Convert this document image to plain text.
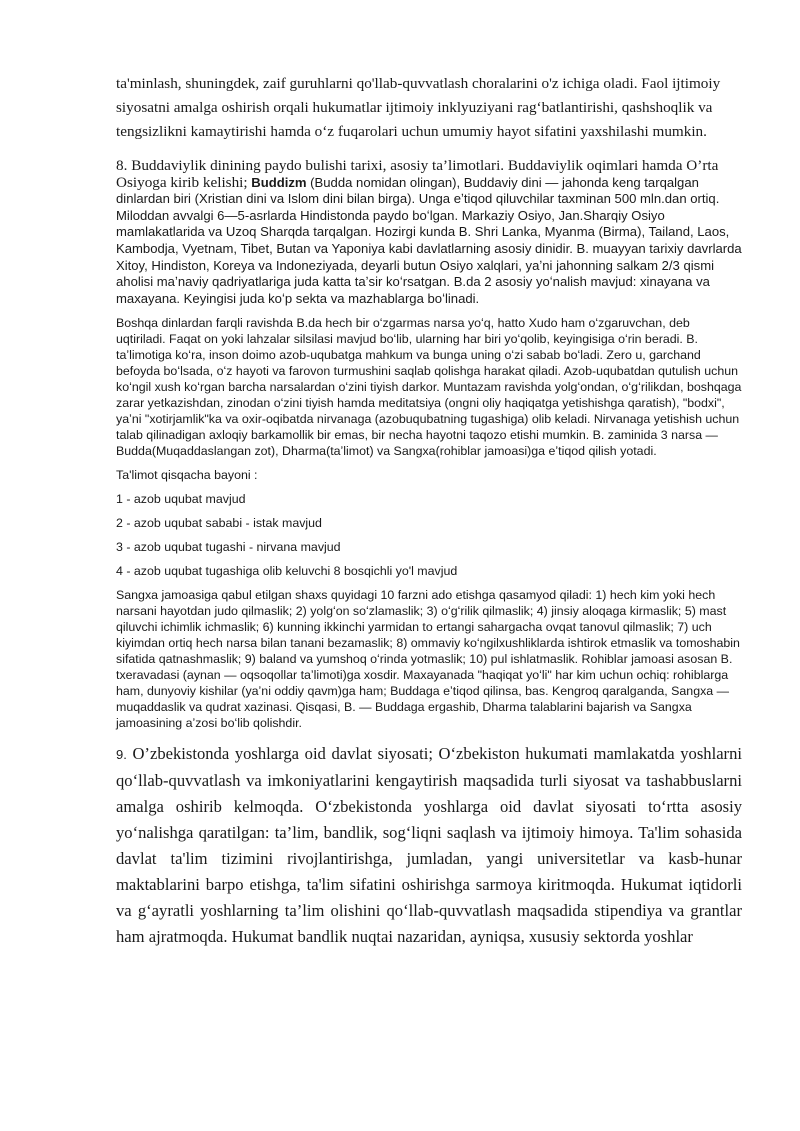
ta'minlash, shuningdek, zaif guruhlarni qo'llab-quvvatlash choralarini o'z ichiga oladi. Faol ijtimoiy siyosatni amalga oshirish orqali hukumatlar ijtimoiy inklyuziyani rag‘batlantirishi, qashshoqlik va tengsizlikni kamaytirishi hamda o‘z fuqarolari uchun umumiy hayot sifatini yaxshilashi mumkin.

8. Buddaviylik dinining paydo bulishi tarixi, asosiy ta’limotlari. Buddaviylik oqimlari hamda O’rta Osiyoga kirib kelishi; Buddizm (Budda nomidan olingan), Buddaviy dini — jahonda keng tarqalgan dinlardan biri (Xristian dini va Islom dini bilan birga). Unga eʼtiqod qiluvchilar taxminan 500 mln.dan ortiq. Miloddan avvalgi 6—5-asrlarda Hindistonda paydo boʻlgan. Markaziy Osiyo, Jan.Sharqiy Osiyo mamlakatlarida va Uzoq Sharqda tarqalgan. Hozirgi kunda B. Shri Lanka, Myanma (Birma), Tailand, Laos, Kambodja, Vyetnam, Tibet, Butan va Yaponiya kabi davlatlarning asosiy dinidir. B. muayyan tarixiy davrlarda Xitoy, Hindiston, Koreya va Indoneziyada, deyarli butun Osiyo xalqlari, yaʼni jahonning salkam 2/3 qismi aholisi maʼnaviy qadriyatlariga juda katta taʼsir koʻrsatgan. B.da 2 asosiy yoʻnalish mavjud: xinayana va maxayana. Keyingisi juda koʻp sekta va mazhablarga boʻlinadi.

Boshqa dinlardan farqli ravishda B.da hech bir oʻzgarmas narsa yoʻq, hatto Xudo ham oʻzgaruvchan, deb uqtiriladi. Faqat on yoki lahzalar silsilasi mavjud boʻlib, ularning har biri yoʻqolib, keyingisiga oʻrin beradi. B. taʼlimotiga koʻra, inson doimo azob-uqubatga mahkum va bunga uning oʻzi sabab boʻladi. Zero u, garchand befoyda boʻlsada, oʻz hayoti va farovon turmushini saqlab qolishga harakat qiladi. Azob-uqubatdan qutulish uchun koʻngil xush koʻrgan barcha narsalardan oʻzini tiyish darkor. Muntazam ravishda yolgʻondan, oʻgʻrilikdan, boshqaga zarar yetkazishdan, zinodan oʻzini tiyish hamda meditatsiya (ongni oliy haqiqatga yetishishga qaratish), "bodxi", yaʼni "xotirjamlik"ka va oxir-oqibatda nirvanaga (azobuqubatning tugashiga) olib keladi. Nirvanaga yetishish uchun talab qilinadigan axloqiy barkamollik bir emas, bir necha hayotni taqozo etishi mumkin. B. zaminida 3 narsa — Budda(Muqaddaslangan zot), Dharma(taʼlimot) va Sangxa(rohiblar jamoasi)ga eʼtiqod qilish yotadi.

Ta'limot qisqacha bayoni :

1 - azob uqubat mavjud

2 - azob uqubat sababi - istak mavjud

3 - azob uqubat tugashi - nirvana mavjud

4 - azob uqubat tugashiga olib keluvchi 8 bosqichli yo'l mavjud

Sangxa jamoasiga qabul etilgan shaxs quyidagi 10 farzni ado etishga qasamyod qiladi: 1) hech kim yoki hech narsani hayotdan judo qilmaslik; 2) yolgʻon soʻzlamaslik; 3) oʻgʻrilik qilmaslik; 4) jinsiy aloqaga kirmaslik; 5) mast qiluvchi ichimlik ichmaslik; 6) kunning ikkinchi yarmidan to ertangi sahargacha ovqat tanovul qilmaslik; 7) uch kiyimdan ortiq hech narsa bilan tanani bezamaslik; 8) ommaviy koʻngilxushliklarda ishtirok etmaslik va tomoshabin sifatida qatnashmaslik; 9) baland va yumshoq oʻrinda yotmaslik; 10) pul ishlatmaslik. Rohiblar jamoasi asosan B. txeravadasi (aynan — oqsoqollar taʼlimoti)ga xosdir. Maxayanada "haqiqat yoʻli" har kim uchun ochiq: rohiblarga ham, dunyoviy kishilar (yaʼni oddiy qavm)ga ham; Buddaga eʼtiqod qilinsa, bas. Kengroq qaralganda, Sangxa — muqaddaslik va qudrat xazinasi. Qisqasi, B. — Buddaga ergashib, Dharma talablarini bajarish va Sangxa jamoasining aʼzosi boʻlib qolishdir.

9. O’zbekistonda yoshlarga oid davlat siyosati; O‘zbekiston hukumati mamlakatda yoshlarni qo‘llab-quvvatlash va imkoniyatlarini kengaytirish maqsadida turli siyosat va tashabbuslarni amalga oshirib kelmoqda. O‘zbekistonda yoshlarga oid davlat siyosati to‘rtta asosiy yo‘nalishga qaratilgan: ta’lim, bandlik, sog‘liqni saqlash va ijtimoiy himoya. Ta'lim sohasida davlat ta'lim tizimini rivojlantirishga, jumladan, yangi universitetlar va kasb-hunar maktablarini barpo etishga, ta'lim sifatini oshirishga sarmoya kiritmoqda. Hukumat iqtidorli va g‘ayratli yoshlarning ta’lim olishini qo‘llab-quvvatlash maqsadida stipendiya va grantlar ham ajratmoqda. Hukumat bandlik nuqtai nazaridan, ayniqsa, xususiy sektorda yoshlar
